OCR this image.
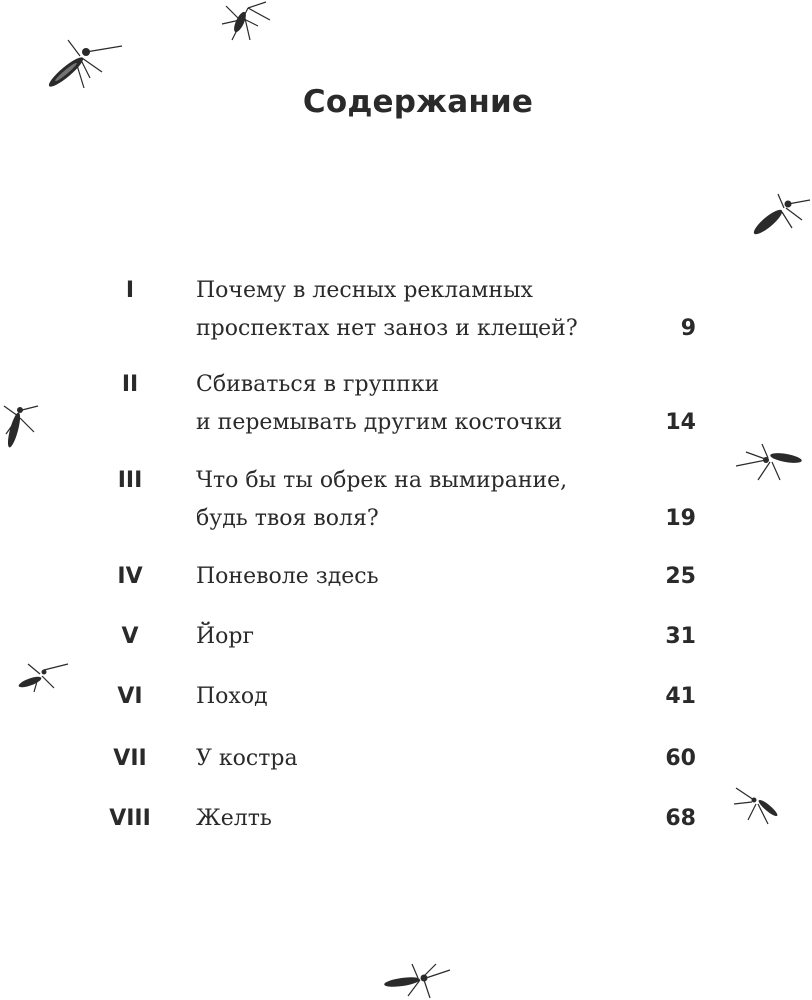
Содержание
I	Почему в лесных рекламных
проспектах нет заноз и клещей?	9
II	Сбиваться в группки
и перемывать другим косточки	14
III	Что бы ты обрек на вымирание,
будь твоя воля?	19
IV	Поневоле здесь	25
V	Йорг	31
VI	Поход	41
VII	У костра	60
VIII	Желть	68
